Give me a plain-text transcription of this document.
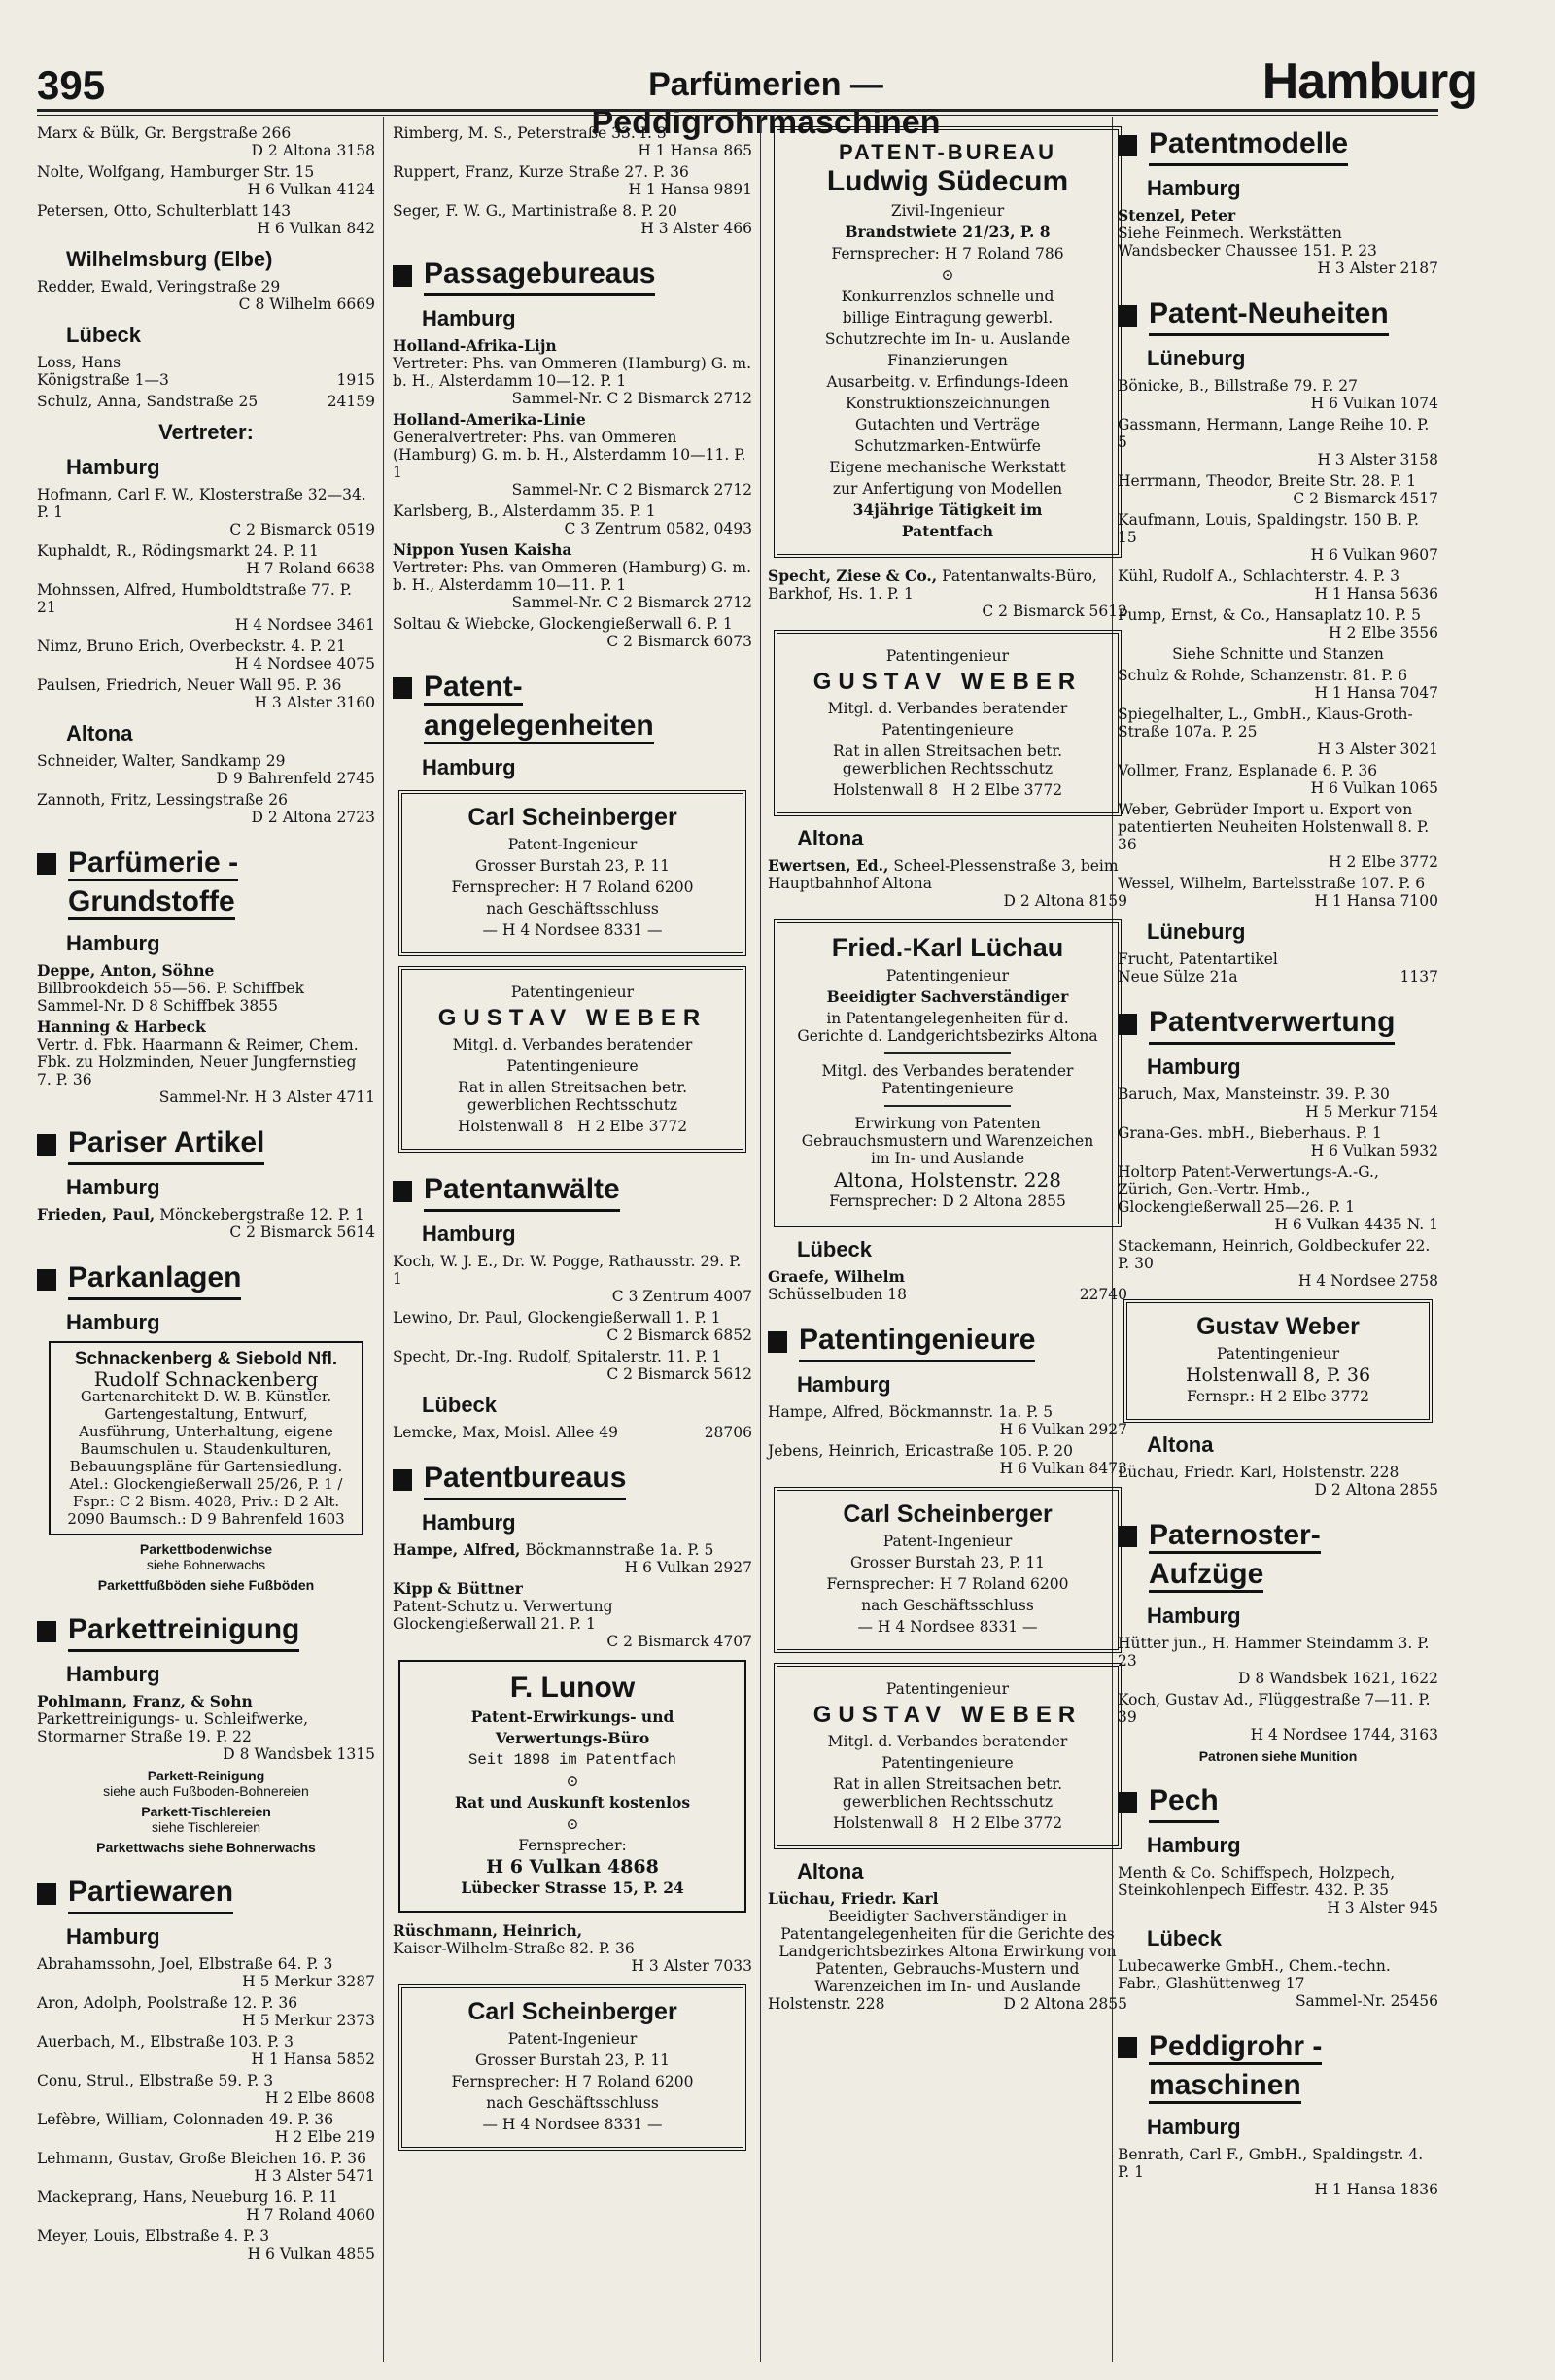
395	Parfümerien — Peddigrohrmaschinen
Hamburg
Marx & Bülk, Gr. Bergstraße 266
D 2 Altona 3158
Nolte, Wolfgang, Hamburger Str. 15
H 6 Vulkan 4124
Petersen, Otto, Schulterblatt 143
H 6 Vulkan 842
Wilhelmsburg (Elbe)
Redder, Ewald, Veringstraße 29
C 8 Wilhelm 6669
Lübeck
Loss, Hans
Königstraße 1—3	1915
Schulz, Anna, Sandstraße 25	24159
Vertreter:
Hamburg
Hofmann, Carl F. W., Klosterstraße 32—34. P. 1
C 2 Bismarck 0519
Kuphaldt, R., Rödingsmarkt 24. P. 11
H 7 Roland 6638
Mohnssen, Alfred, Humboldtstraße 77. P. 21
H 4 Nordsee 3461
Nimz, Bruno Erich, Overbeckstr. 4. P. 21
H 4 Nordsee 4075
Paulsen, Friedrich, Neuer Wall 95. P. 36
H 3 Alster 3160
Altona
Schneider, Walter, Sandkamp 29
D 9 Bahrenfeld 2745
Zannoth, Fritz, Lessingstraße 26
D 2 Altona 2723
Parfümerie -
Grundstoffe
Hamburg
Deppe, Anton, Söhne
Billbrookdeich 55—56. P. Schiffbek Sammel-Nr. D 8 Schiffbek 3855
Hanning & Harbeck
Vertr. d. Fbk. Haarmann & Reimer, Chem. Fbk. zu Holzminden, Neuer Jungfernstieg 7. P. 36
Sammel-Nr. H 3 Alster 4711
Pariser Artikel
Hamburg
Frieden, Paul, Mönckebergstraße 12. P. 1
C 2 Bismarck 5614
Parkanlagen
Hamburg
Schnackenberg & Siebold Nfl.
Rudolf Schnackenberg
Gartenarchitekt D. W. B. Künstler. Gartengestaltung, Entwurf, Ausführung, Unterhaltung, eigene Baumschulen u. Staudenkulturen, Bebauungspläne für Gartensiedlung. Atel.: Glockengießerwall 25/26, P. 1 / Fspr.: C 2 Bism. 4028, Priv.: D 2 Alt. 2090 Baumsch.: D 9 Bahrenfeld 1603
Parkettbodenwichse
siehe Bohnerwachs
Parkettfußböden siehe Fußböden
Parkettreinigung
Hamburg
Pohlmann, Franz, & Sohn
Parkettreinigungs- u. Schleifwerke, Stormarner Straße 19. P. 22
D 8 Wandsbek 1315
Parkett-Reinigung
siehe auch Fußboden-Bohnereien
Parkett-Tischlereien
siehe Tischlereien
Parkettwachs siehe Bohnerwachs
Partiewaren
Hamburg
Abrahamssohn, Joel, Elbstraße 64. P. 3
H 5 Merkur 3287
Aron, Adolph, Poolstraße 12. P. 36
H 5 Merkur 2373
Auerbach, M., Elbstraße 103. P. 3
H 1 Hansa 5852
Conu, Strul., Elbstraße 59. P. 3
H 2 Elbe 8608
Lefèbre, William, Colonnaden 49. P. 36
H 2 Elbe 219
Lehmann, Gustav, Große Bleichen 16. P. 36
H 3 Alster 5471
Mackeprang, Hans, Neueburg 16. P. 11
H 7 Roland 4060
Meyer, Louis, Elbstraße 4. P. 3
H 6 Vulkan 4855
Rimberg, M. S., Peterstraße 33. P. 3
H 1 Hansa 865
Ruppert, Franz, Kurze Straße 27. P. 36
H 1 Hansa 9891
Seger, F. W. G., Martinistraße 8. P. 20
H 3 Alster 466
Passagebureaus
Hamburg
Holland-Afrika-Lijn
Vertreter: Phs. van Ommeren (Hamburg) G. m. b. H., Alsterdamm 10—12. P. 1
Sammel-Nr. C 2 Bismarck 2712
Holland-Amerika-Linie
Generalvertreter: Phs. van Ommeren (Hamburg) G. m. b. H., Alsterdamm 10—11. P. 1
Sammel-Nr. C 2 Bismarck 2712
Karlsberg, B., Alsterdamm 35. P. 1
C 3 Zentrum 0582, 0493
Nippon Yusen Kaisha
Vertreter: Phs. van Ommeren (Hamburg) G. m. b. H., Alsterdamm 10—11. P. 1
Sammel-Nr. C 2 Bismarck 2712
Soltau & Wiebcke, Glockengießerwall 6. P. 1
C 2 Bismarck 6073
Patent-
angelegenheiten
Hamburg
Carl Scheinberger

Patent-Ingenieur

Grosser Burstah 23, P. 11

Fernsprecher: H 7 Roland 6200

nach Geschäftsschluss

— H 4 Nordsee 8331 —

Patentingenieur

GUSTAV WEBER

Mitgl. d. Verbandes beratender

Patentingenieure

Rat in allen Streitsachen betr. gewerblichen Rechtsschutz

Holstenwall 8 H 2 Elbe 3772

Patentanwälte
Hamburg
Koch, W. J. E., Dr. W. Pogge, Rathausstr. 29. P. 1
C 3 Zentrum 4007
Lewino, Dr. Paul, Glockengießerwall 1. P. 1
C 2 Bismarck 6852
Specht, Dr.-Ing. Rudolf, Spitalerstr. 11. P. 1
C 2 Bismarck 5612
Lübeck
Lemcke, Max, Moisl. Allee 49	28706
Patentbureaus
Hamburg
Hampe, Alfred, Böckmannstraße 1a. P. 5
H 6 Vulkan 2927
Kipp & Büttner
Patent-Schutz u. Verwertung Glockengießerwall 21. P. 1
C 2 Bismarck 4707
F. Lunow

Patent-Erwirkungs- und

Verwertungs-Büro

Seit 1898 im Patentfach

⊙

Rat und Auskunft kostenlos

⊙

Fernsprecher:

H 6 Vulkan 4868

Lübecker Strasse 15, P. 24

Rüschmann, Heinrich,
Kaiser-Wilhelm-Straße 82. P. 36
H 3 Alster 7033
Carl Scheinberger

Patent-Ingenieur

Grosser Burstah 23, P. 11

Fernsprecher: H 7 Roland 6200

nach Geschäftsschluss

— H 4 Nordsee 8331 —

PATENT-BUREAU
Ludwig Südecum

Zivil-Ingenieur

Brandstwiete 21/23, P. 8

Fernsprecher: H 7 Roland 786

⊙

Konkurrenzlos schnelle und

billige Eintragung gewerbl.

Schutzrechte im In- u. Auslande

Finanzierungen

Ausarbeitg. v. Erfindungs-Ideen

Konstruktionszeichnungen

Gutachten und Verträge

Schutzmarken-Entwürfe

Eigene mechanische Werkstatt

zur Anfertigung von Modellen

34jährige Tätigkeit im

Patentfach

Specht, Ziese & Co., Patentanwalts-Büro, Barkhof, Hs. 1. P. 1
C 2 Bismarck 5612

Patentingenieur

GUSTAV WEBER

Mitgl. d. Verbandes beratender

Patentingenieure

Rat in allen Streitsachen betr. gewerblichen Rechtsschutz

Holstenwall 8 H 2 Elbe 3772

Altona
Ewertsen, Ed., Scheel-Plessenstraße 3, beim Hauptbahnhof Altona
D 2 Altona 8159
Fried.-Karl Lüchau

Patentingenieur

Beeidigter Sachverständiger

in Patentangelegenheiten für d. Gerichte d. Landgerichtsbezirks Altona

Mitgl. des Verbandes beratender Patentingenieure

Erwirkung von Patenten Gebrauchsmustern und Warenzeichen im In- und Auslande

Altona, Holstenstr. 228

Fernsprecher: D 2 Altona 2855

Lübeck
Graefe, Wilhelm
Schüsselbuden 18	22740
Patentingenieure
Hamburg
Hampe, Alfred, Böckmannstr. 1a. P. 5
H 6 Vulkan 2927
Jebens, Heinrich, Ericastraße 105. P. 20
H 6 Vulkan 8473
Carl Scheinberger

Patent-Ingenieur

Grosser Burstah 23, P. 11

Fernsprecher: H 7 Roland 6200

nach Geschäftsschluss

— H 4 Nordsee 8331 —

Patentingenieur

GUSTAV WEBER

Mitgl. d. Verbandes beratender

Patentingenieure

Rat in allen Streitsachen betr. gewerblichen Rechtsschutz

Holstenwall 8 H 2 Elbe 3772

Altona
Lüchau, Friedr. Karl
Beeidigter Sachverständiger in Patentangelegenheiten für die Gerichte des Landgerichtsbezirkes Altona Erwirkung von Patenten, Gebrauchs-Mustern und Warenzeichen im In- und Auslande
Holstenstr. 228	D 2 Altona 2855
Patentmodelle
Hamburg
Stenzel, Peter
Siehe Feinmech. Werkstätten Wandsbecker Chaussee 151. P. 23
H 3 Alster 2187
Patent-Neuheiten
Lüneburg
Bönicke, B., Billstraße 79. P. 27
H 6 Vulkan 1074
Gassmann, Hermann, Lange Reihe 10. P. 5
H 3 Alster 3158
Herrmann, Theodor, Breite Str. 28. P. 1
C 2 Bismarck 4517
Kaufmann, Louis, Spaldingstr. 150 B. P. 15
H 6 Vulkan 9607
Kühl, Rudolf A., Schlachterstr. 4. P. 3
H 1 Hansa 5636
Pump, Ernst, & Co., Hansaplatz 10. P. 5
H 2 Elbe 3556
Siehe Schnitte und Stanzen
Schulz & Rohde, Schanzenstr. 81. P. 6
H 1 Hansa 7047
Spiegelhalter, L., GmbH., Klaus-Groth-Straße 107a. P. 25
H 3 Alster 3021
Vollmer, Franz, Esplanade 6. P. 36
H 6 Vulkan 1065
Weber, Gebrüder Import u. Export von patentierten Neuheiten Holstenwall 8. P. 36
H 2 Elbe 3772
Wessel, Wilhelm, Bartelsstraße 107. P. 6
H 1 Hansa 7100
Lüneburg
Frucht, Patentartikel
Neue Sülze 21a	1137
Patentverwertung
Hamburg
Baruch, Max, Mansteinstr. 39. P. 30
H 5 Merkur 7154
Grana-Ges. mbH., Bieberhaus. P. 1
H 6 Vulkan 5932
Holtorp Patent-Verwertungs-A.-G., Zürich, Gen.-Vertr. Hmb., Glockengießerwall 25—26. P. 1
H 6 Vulkan 4435 N. 1
Stackemann, Heinrich, Goldbeckufer 22. P. 30
H 4 Nordsee 2758
Gustav Weber

Patentingenieur

Holstenwall 8, P. 36

Fernspr.: H 2 Elbe 3772

Altona
Lüchau, Friedr. Karl, Holstenstr. 228
D 2 Altona 2855
Paternoster-
Aufzüge
Hamburg
Hütter jun., H. Hammer Steindamm 3. P. 23
D 8 Wandsbek 1621, 1622
Koch, Gustav Ad., Flüggestraße 7—11. P. 39
H 4 Nordsee 1744, 3163
Patronen siehe Munition
Pech
Hamburg
Menth & Co. Schiffspech, Holzpech, Steinkohlenpech Eiffestr. 432. P. 35
H 3 Alster 945
Lübeck
Lubecawerke GmbH., Chem.-techn. Fabr., Glashüttenweg 17
Sammel-Nr. 25456
Peddigrohr -
maschinen
Hamburg
Benrath, Carl F., GmbH., Spaldingstr. 4. P. 1
H 1 Hansa 1836
